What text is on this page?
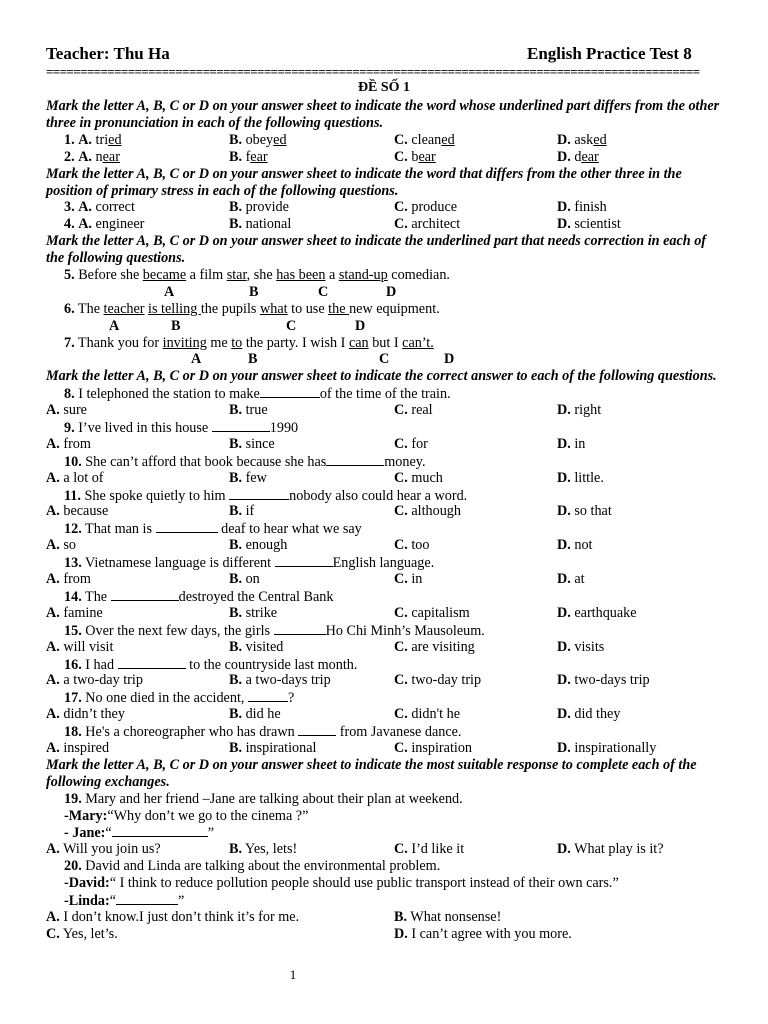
Teacher: Thu Ha	English Practice Test 8
================================================================================================
ĐỀ SỐ 1
Mark the letter A, B, C or D on your answer sheet to indicate the word whose underlined part differs from the other three in pronunciation in each of the following questions.
1. A. tried	B. obeyed	C. cleaned	D. asked
2. A. near	B. fear	C. bear	D. dear
Mark the letter A, B, C or D on your answer sheet to indicate the word that differs from the other three in the position of primary stress in each of the following questions.
3. A. correct	B. provide	C. produce	D. finish
4. A. engineer	B. national	C. architect	D. scientist
Mark the letter A, B, C or D on your answer sheet to indicate the underlined part that needs correction in each of the following questions.
5. Before she became a film star, she has been a stand-up comedian.
A	B	C	D
6. The teacher is telling the pupils what to use the new equipment.
A	B	C	D
7. Thank you for inviting me to the party. I wish I can but I can’t.
A	B	C	D
Mark the letter A, B, C or D on your answer sheet to indicate the correct answer to each of the following questions.
8. I telephoned the station to make	of the time of the train.
A. sure	B. true	C. real	D. right
9. I’ve lived in this house	1990
A. from	B. since	C. for	D. in
10. She can’t afford that book because she has	money.
A. a lot of	B. few	C. much	D. little.
11. She spoke quietly to him	nobody also could hear a word.
A. because	B. if	C. although	D. so that
12. That man is	deaf to hear what we say
A. so	B. enough	C. too	D. not
13. Vietnamese language is different	English language.
A. from	B. on	C. in	D. at
14. The	destroyed the Central Bank
A. famine	B. strike	C. capitalism	D. earthquake
15. Over the next few days, the girls	Ho Chi Minh’s Mausoleum.
A. will visit	B. visited	C. are visiting	D. visits
16. I had	to the countryside last month.
A. a two-day trip	B. a two-days trip	C. two-day trip	D. two-days trip
17. No one died in the accident,	?
A. didn’t they	B. did he	C. didn't he	D. did they
18. He's a choreographer who has drawn	from Javanese dance.
A. inspired	B. inspirational	C. inspiration	D. inspirationally
Mark the letter A, B, C or D on your answer sheet to indicate the most suitable response to complete each of the following exchanges.
19. Mary and her friend –Jane are talking about their plan at weekend.
-Mary:“Why don’t we go to the cinema ?”
- Jane:“	”
A. Will you join us?	B. Yes, lets!	C. I’d like it	D. What play is it?
20. David and Linda are talking about the environmental problem.
-David:“ I think to reduce pollution people should use public transport instead of their own cars.”
-Linda:“	”
A. I don’t know.I just don’t think it’s for me.	B. What nonsense!
C. Yes, let’s.	D. I can’t agree with you more.
1
